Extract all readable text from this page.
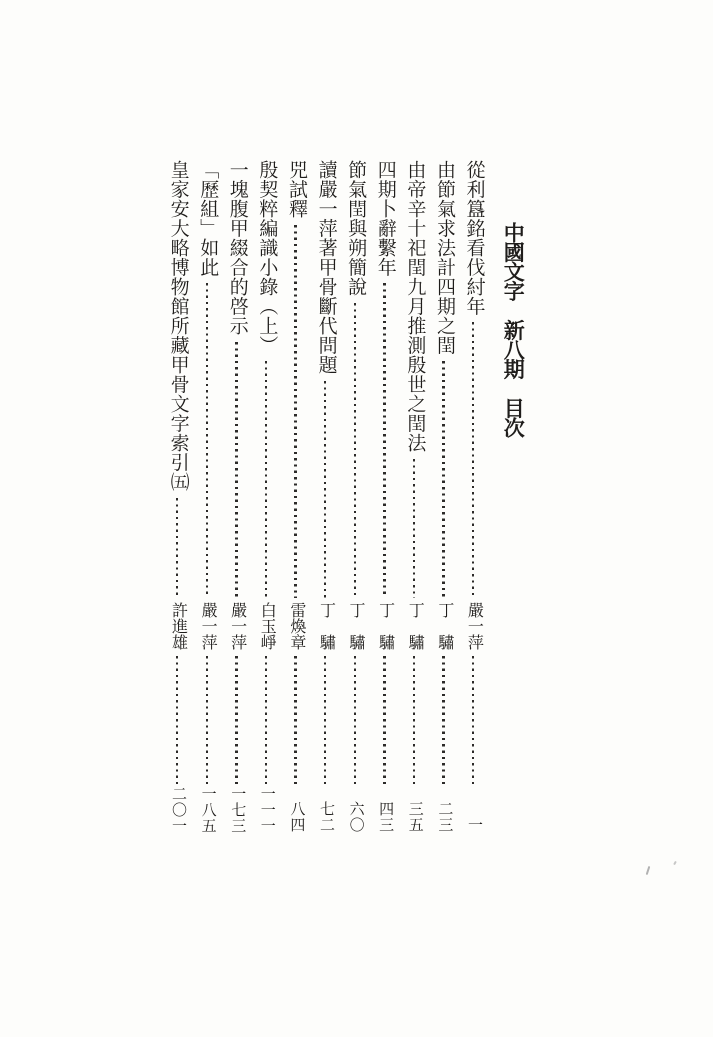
中國文字　新八期　目次
從利簋銘看伐紂年
嚴一萍
一
由節氣求法計四期之閏
丁驌
二三
由帝辛十祀閏九月推測殷世之閏法
丁驌
三五
四期卜辭繫年
丁驌
四三
節氣閏與朔簡說
丁驌
六〇
讀嚴一萍著甲骨斷代問題
丁驌
七二
兕試釋
雷煥章
八四
殷契粹編識小錄（上）
白玉崢
一一一
一塊腹甲綴合的啓示
嚴一萍
一七三
「歷組」如此
嚴一萍
一八五
皇家安大略博物館所藏甲骨文字索引㈤
許進雄
二〇一
